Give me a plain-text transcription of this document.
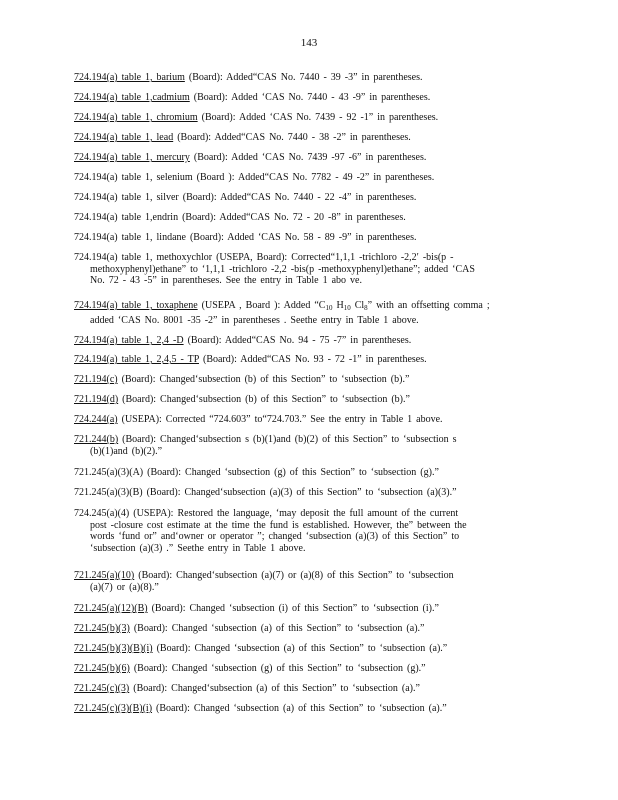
143
724.194(a) table 1, barium (Board): Added“CAS No. 7440 - 39 -3” in parentheses.
724.194(a) table 1,cadmium (Board): Added ‘CAS No. 7440 - 43 -9” in parentheses.
724.194(a) table 1, chromium (Board): Added ‘CAS No. 7439 - 92 -1” in parentheses.
724.194(a) table 1, lead (Board): Added“CAS No. 7440 - 38 -2” in parentheses.
724.194(a) table 1, mercury (Board): Added ‘CAS No. 7439 -97 -6” in parentheses.
724.194(a) table 1, selenium (Board ): Added“CAS No. 7782 - 49 -2” in parentheses.
724.194(a) table 1, silver (Board): Added“CAS No. 7440 - 22 -4” in parentheses.
724.194(a) table 1,endrin (Board): Added“CAS No. 72 - 20 -8” in parentheses.
724.194(a) table 1, lindane (Board): Added ‘CAS No. 58 - 89 -9” in parentheses.
724.194(a) table 1, methoxychlor (USEPA, Board): Corrected“1,1,1 -trichloro -2,2′ -bis(p -
methoxyphenyl)ethane” to ‘1,1,1 -trichloro -2,2 -bis(p -methoxyphenyl)ethane”; added ‘CAS
No. 72 - 43 -5” in parentheses. See the entry in Table 1 abo ve.
724.194(a) table 1, toxaphene (USEPA , Board ): Added “$C_{10}$ $H_{10}$ $Cl_8$” with an offsetting comma ;
added ‘CAS No. 8001 -35 -2” in parentheses . Seethe entry in Table 1 above.
724.194(a) table 1, 2,4 -D (Board): Added“CAS No. 94 - 75 -7” in parentheses.
724.194(a) table 1, 2,4,5 - TP (Board): Added“CAS No. 93 - 72 -1” in parentheses.
721.194(c) (Board): Changed‘subsection (b) of this Section” to ‘subsection (b).”
721.194(d) (Board): Changed‘subsection (b) of this Section” to ‘subsection (b).”
724.244(a) (USEPA): Corrected “724.603” to“724.703.” See the entry in Table 1 above.
721.244(b) (Board): Changed‘subsection s (b)(1)and (b)(2) of this Section” to ‘subsection s
(b)(1)and (b)(2).”
721.245(a)(3)(A) (Board): Changed ‘subsection (g) of this Section” to ‘subsection (g).”
721.245(a)(3)(B) (Board): Changed‘subsection (a)(3) of this Section” to ‘subsection (a)(3).”
724.245(a)(4) (USEPA): Restored the language, ‘may deposit the full amount of the current
post -closure cost estimate at the time the fund is established. However, the” between the
words ‘fund or” and‘owner or operator ”; changed ‘subsection (a)(3) of this Section” to
‘subsection (a)(3) .” Seethe entry in Table 1 above.
721.245(a)(10) (Board): Changed‘subsection (a)(7) or (a)(8) of this Section” to ‘subsection
(a)(7) or (a)(8).”
721.245(a)(12)(B) (Board): Changed ‘subsection (i) of this Section” to ‘subsection (i).”
721.245(b)(3) (Board): Changed ‘subsection (a) of this Section” to ‘subsection (a).”
721.245(b)(3)(B)(i) (Board): Changed ‘subsection (a) of this Section” to ‘subsection (a).”
721.245(b)(6) (Board): Changed ‘subsection (g) of this Section” to ‘subsection (g).”
721.245(c)(3) (Board): Changed‘subsection (a) of this Section” to ‘subsection (a).”
721.245(c)(3)(B)(i) (Board): Changed ‘subsection (a) of this Section” to ‘subsection (a).”
